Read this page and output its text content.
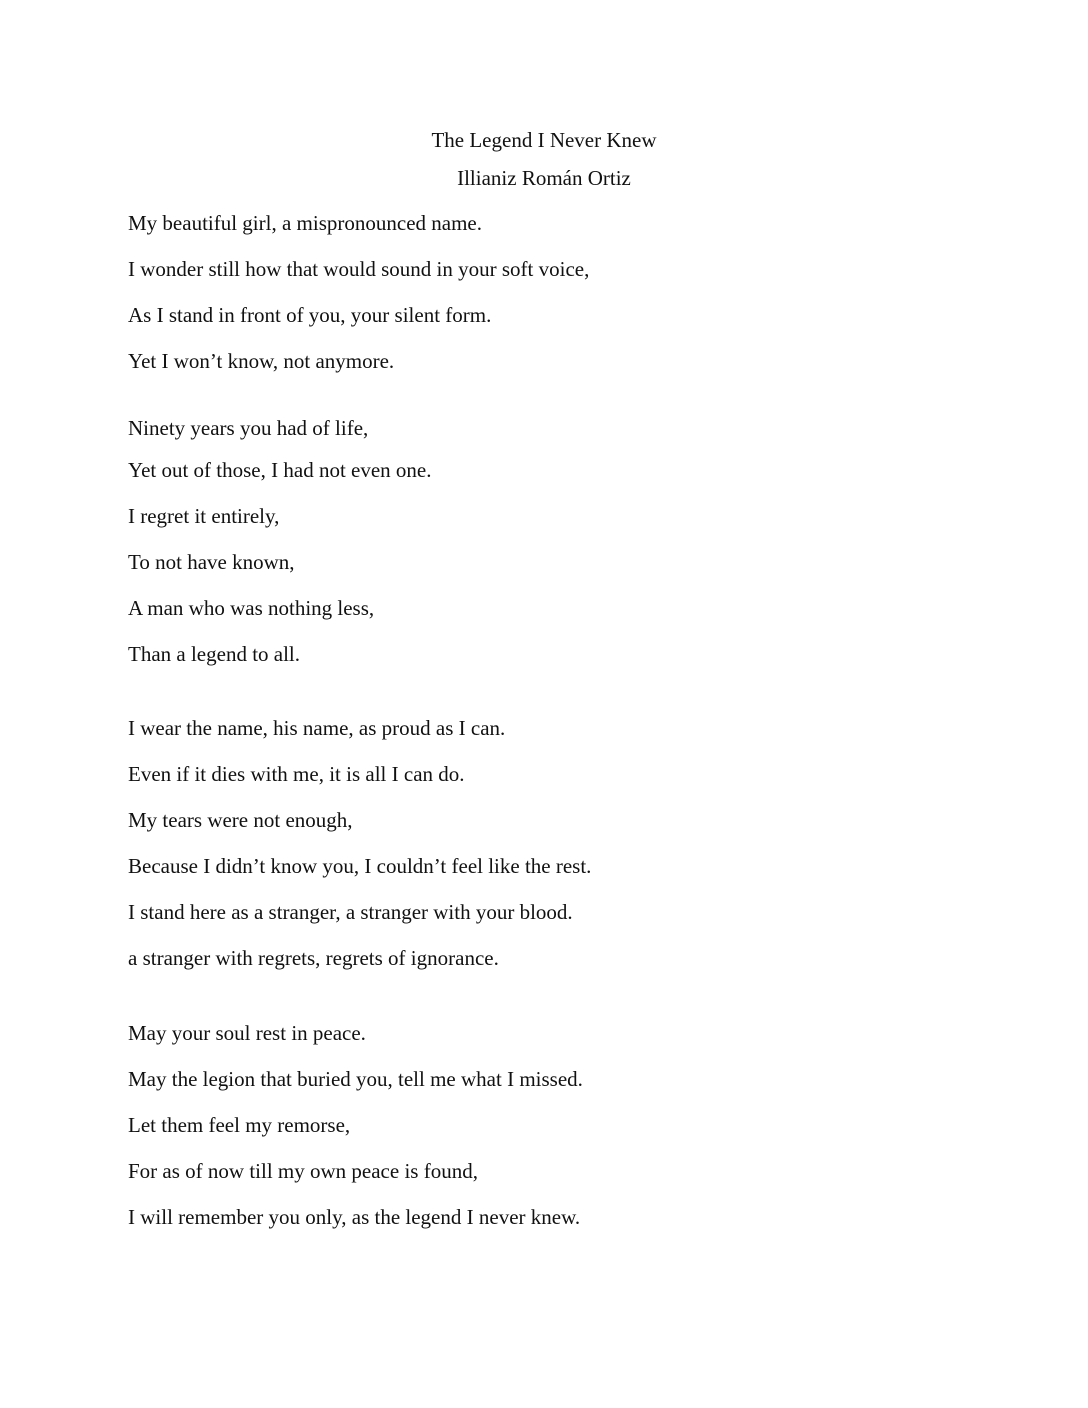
The Legend I Never Knew
Illianiz Román Ortiz
My beautiful girl, a mispronounced name.
I wonder still how that would sound in your soft voice,
As I stand in front of you, your silent form.
Yet I won’t know, not anymore.
Ninety years you had of life,
Yet out of those, I had not even one.
I regret it entirely,
To not have known,
A man who was nothing less,
Than a legend to all.
I wear the name, his name, as proud as I can.
Even if it dies with me, it is all I can do.
My tears were not enough,
Because I didn’t know you, I couldn’t feel like the rest.
I stand here as a stranger, a stranger with your blood.
a stranger with regrets, regrets of ignorance.
May your soul rest in peace.
May the legion that buried you, tell me what I missed.
Let them feel my remorse,
For as of now till my own peace is found,
I will remember you only, as the legend I never knew.
